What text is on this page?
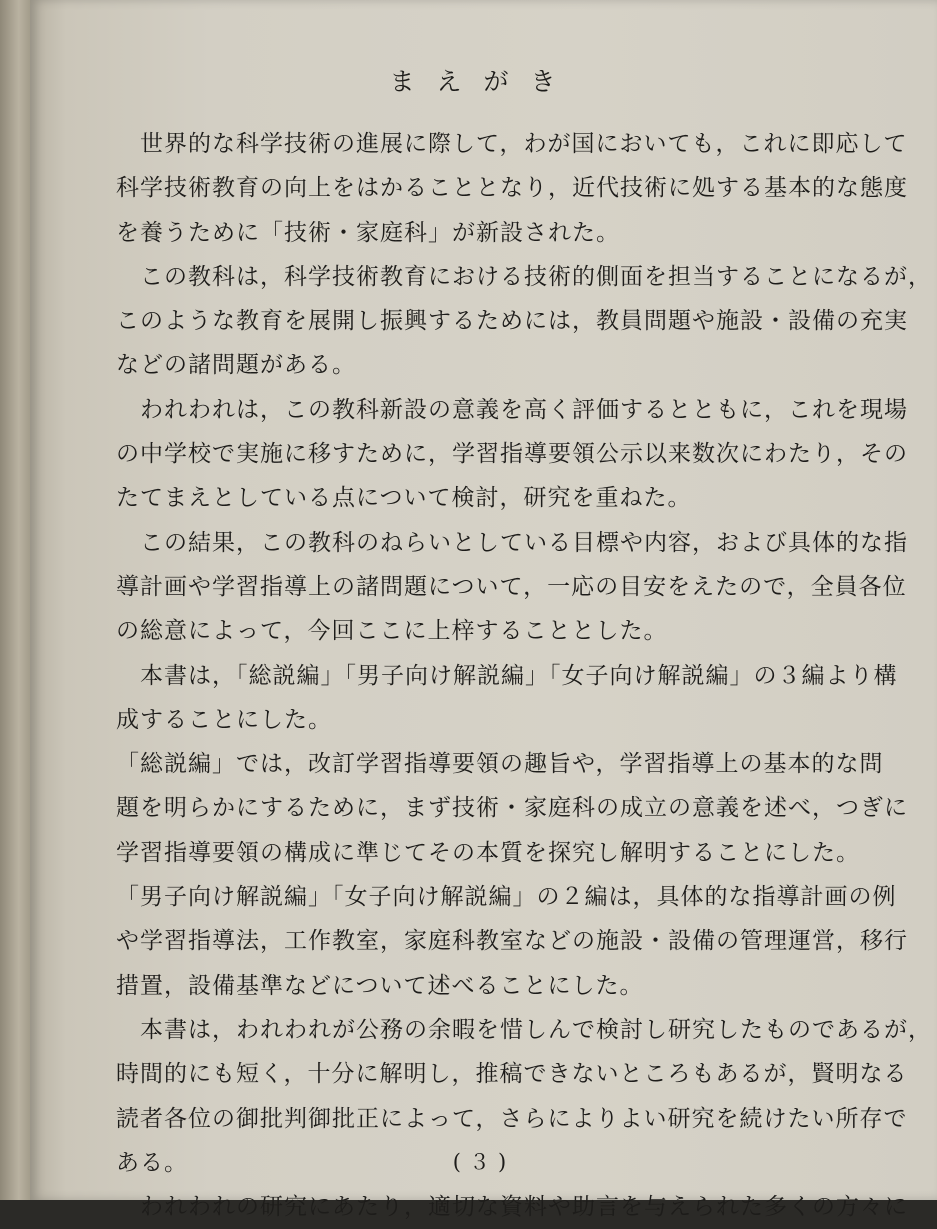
まえがき
世界的な科学技術の進展に際して，わが国においても，これに即応して
科学技術教育の向上をはかることとなり，近代技術に処する基本的な態度
を養うために「技術・家庭科」が新設された。
この教科は，科学技術教育における技術的側面を担当することになるが，
このような教育を展開し振興するためには，教員問題や施設・設備の充実
などの諸問題がある。
われわれは，この教科新設の意義を高く評価するとともに，これを現場
の中学校で実施に移すために，学習指導要領公示以来数次にわたり，その
たてまえとしている点について検討，研究を重ねた。
この結果，この教科のねらいとしている目標や内容，および具体的な指
導計画や学習指導上の諸問題について，一応の目安をえたので，全員各位
の総意によって，今回ここに上梓することとした。
本書は，「総説編」「男子向け解説編」「女子向け解説編」の３編より構
成することにした。
「総説編」では，改訂学習指導要領の趣旨や，学習指導上の基本的な問
題を明らかにするために，まず技術・家庭科の成立の意義を述べ，つぎに
学習指導要領の構成に準じてその本質を探究し解明することにした。
「男子向け解説編」「女子向け解説編」の２編は，具体的な指導計画の例
や学習指導法，工作教室，家庭科教室などの施設・設備の管理運営，移行
措置，設備基準などについて述べることにした。
本書は，われわれが公務の余暇を惜しんで検討し研究したものであるが，
時間的にも短く，十分に解明し，推稿できないところもあるが，賢明なる
読者各位の御批判御批正によって，さらによりよい研究を続けたい所存で
ある。
われわれの研究にあたり，適切な資料や助言を与えられた多くの方々に
(３)
